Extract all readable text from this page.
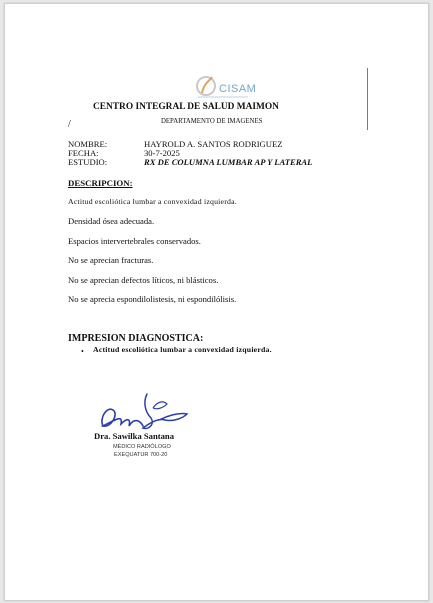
CISAM
CENTRO INTEGRAL DE SALUD MAIMON
DEPARTAMENTO DE IMAGENES
/
NOMBRE:	HAYROLD A. SANTOS RODRIGUEZ
FECHA:	30-7-2025
ESTUDIO:	RX DE COLUMNA LUMBAR AP Y LATERAL
DESCRIPCION:
Actitud escoliótica lumbar a convexidad izquierda.
Densidad ósea adecuada.
Espacios intervertebrales conservados.
No se aprecian fracturas.
No se aprecian defectos líticos, ni blásticos.
No se aprecia espondilolistesis, ni espondilólisis.
IMPRESION DIAGNOSTICA:
• Actitud escoliótica lumbar a convexidad izquierda.
Dra. Sawilka Santana
MÉDICO RADIÓLOGO
EXEQUATUR 700-20
